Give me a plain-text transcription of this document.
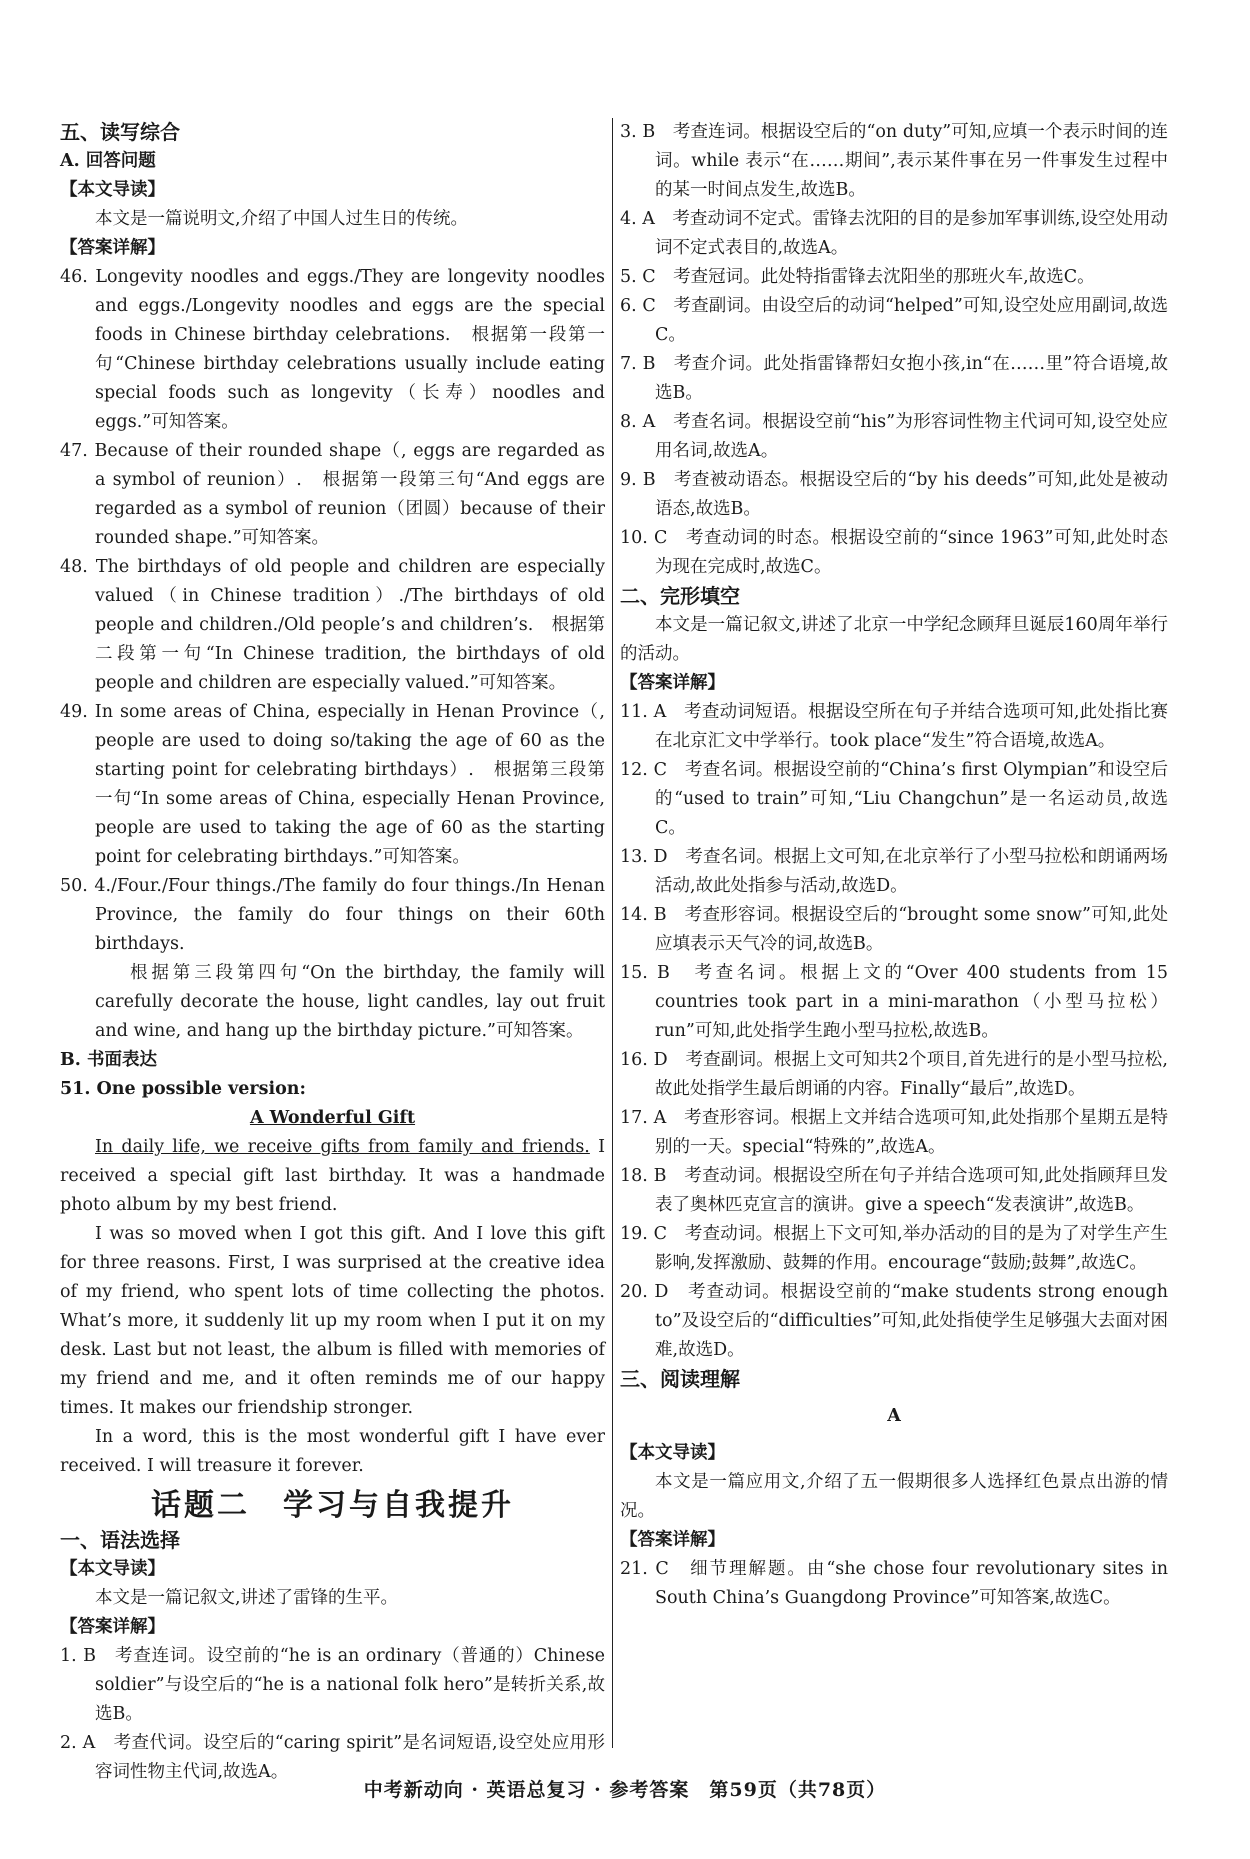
五、读写综合

A. 回答问题

【本文导读】

本文是一篇说明文,介绍了中国人过生日的传统。

【答案详解】

46. Longevity noodles and eggs./They are longevity noodles and eggs./Longevity noodles and eggs are the special foods in Chinese birthday celebrations.　根据第一段第一句“Chinese birthday celebrations usually include eating special foods such as longevity（长寿）noodles and eggs.”可知答案。

47. Because of their rounded shape（, eggs are regarded as a symbol of reunion）.　根据第一段第三句“And eggs are regarded as a symbol of reunion（团圆）because of their rounded shape.”可知答案。

48. The birthdays of old people and children are especially valued（in Chinese tradition）./The birthdays of old people and children./Old people’s and children’s.　根据第二段第一句“In Chinese tradition, the birthdays of old people and children are especially valued.”可知答案。

49. In some areas of China, especially in Henan Province（, people are used to doing so/taking the age of 60 as the starting point for celebrating birthdays）.　根据第三段第一句“In some areas of China, especially Henan Province, people are used to taking the age of 60 as the starting point for celebrating birthdays.”可知答案。

50. 4./Four./Four things./The family do four things./In Henan Province, the family do four things on their 60th birthdays.

根据第三段第四句“On the birthday, the family will carefully decorate the house, light candles, lay out fruit and wine, and hang up the birthday picture.”可知答案。

B. 书面表达

51. One possible version:

A Wonderful Gift

In daily life, we receive gifts from family and friends. I received a special gift last birthday. It was a handmade photo album by my best friend.

I was so moved when I got this gift. And I love this gift for three reasons. First, I was surprised at the creative idea of my friend, who spent lots of time collecting the photos. What’s more, it suddenly lit up my room when I put it on my desk. Last but not least, the album is filled with memories of my friend and me, and it often reminds me of our happy times. It makes our friendship stronger.

In a word, this is the most wonderful gift I have ever received. I will treasure it forever.

话题二　学习与自我提升

一、语法选择

【本文导读】

本文是一篇记叙文,讲述了雷锋的生平。

【答案详解】

1. B　考查连词。设空前的“he is an ordinary（普通的）Chinese soldier”与设空后的“he is a national folk hero”是转折关系,故选B。

2. A　考查代词。设空后的“caring spirit”是名词短语,设空处应用形容词性物主代词,故选A。

3. B　考查连词。根据设空后的“on duty”可知,应填一个表示时间的连词。while 表示“在……期间”,表示某件事在另一件事发生过程中的某一时间点发生,故选B。

4. A　考查动词不定式。雷锋去沈阳的目的是参加军事训练,设空处用动词不定式表目的,故选A。

5. C　考查冠词。此处特指雷锋去沈阳坐的那班火车,故选C。

6. C　考查副词。由设空后的动词“helped”可知,设空处应用副词,故选C。

7. B　考查介词。此处指雷锋帮妇女抱小孩,in“在……里”符合语境,故选B。

8. A　考查名词。根据设空前“his”为形容词性物主代词可知,设空处应用名词,故选A。

9. B　考查被动语态。根据设空后的“by his deeds”可知,此处是被动语态,故选B。

10. C　考查动词的时态。根据设空前的“since 1963”可知,此处时态为现在完成时,故选C。

二、完形填空

本文是一篇记叙文,讲述了北京一中学纪念顾拜旦诞辰160周年举行的活动。

【答案详解】

11. A　考查动词短语。根据设空所在句子并结合选项可知,此处指比赛在北京汇文中学举行。took place“发生”符合语境,故选A。

12. C　考查名词。根据设空前的“China’s first Olympian”和设空后的“used to train”可知,“Liu Changchun”是一名运动员,故选C。

13. D　考查名词。根据上文可知,在北京举行了小型马拉松和朗诵两场活动,故此处指参与活动,故选D。

14. B　考查形容词。根据设空后的“brought some snow”可知,此处应填表示天气冷的词,故选B。

15. B　考查名词。根据上文的“Over 400 students from 15 countries took part in a mini-marathon（小型马拉松）run”可知,此处指学生跑小型马拉松,故选B。

16. D　考查副词。根据上文可知共2个项目,首先进行的是小型马拉松,故此处指学生最后朗诵的内容。Finally“最后”,故选D。

17. A　考查形容词。根据上文并结合选项可知,此处指那个星期五是特别的一天。special“特殊的”,故选A。

18. B　考查动词。根据设空所在句子并结合选项可知,此处指顾拜旦发表了奥林匹克宣言的演讲。give a speech“发表演讲”,故选B。

19. C　考查动词。根据上下文可知,举办活动的目的是为了对学生产生影响,发挥激励、鼓舞的作用。encourage“鼓励;鼓舞”,故选C。

20. D　考查动词。根据设空前的“make students strong enough to”及设空后的“difficulties”可知,此处指使学生足够强大去面对困难,故选D。

三、阅读理解

A

【本文导读】

本文是一篇应用文,介绍了五一假期很多人选择红色景点出游的情况。

【答案详解】

21. C　细节理解题。由“she chose four revolutionary sites in South China’s Guangdong Province”可知答案,故选C。

中考新动向 · 英语总复习 · 参考答案　第59页（共78页）
